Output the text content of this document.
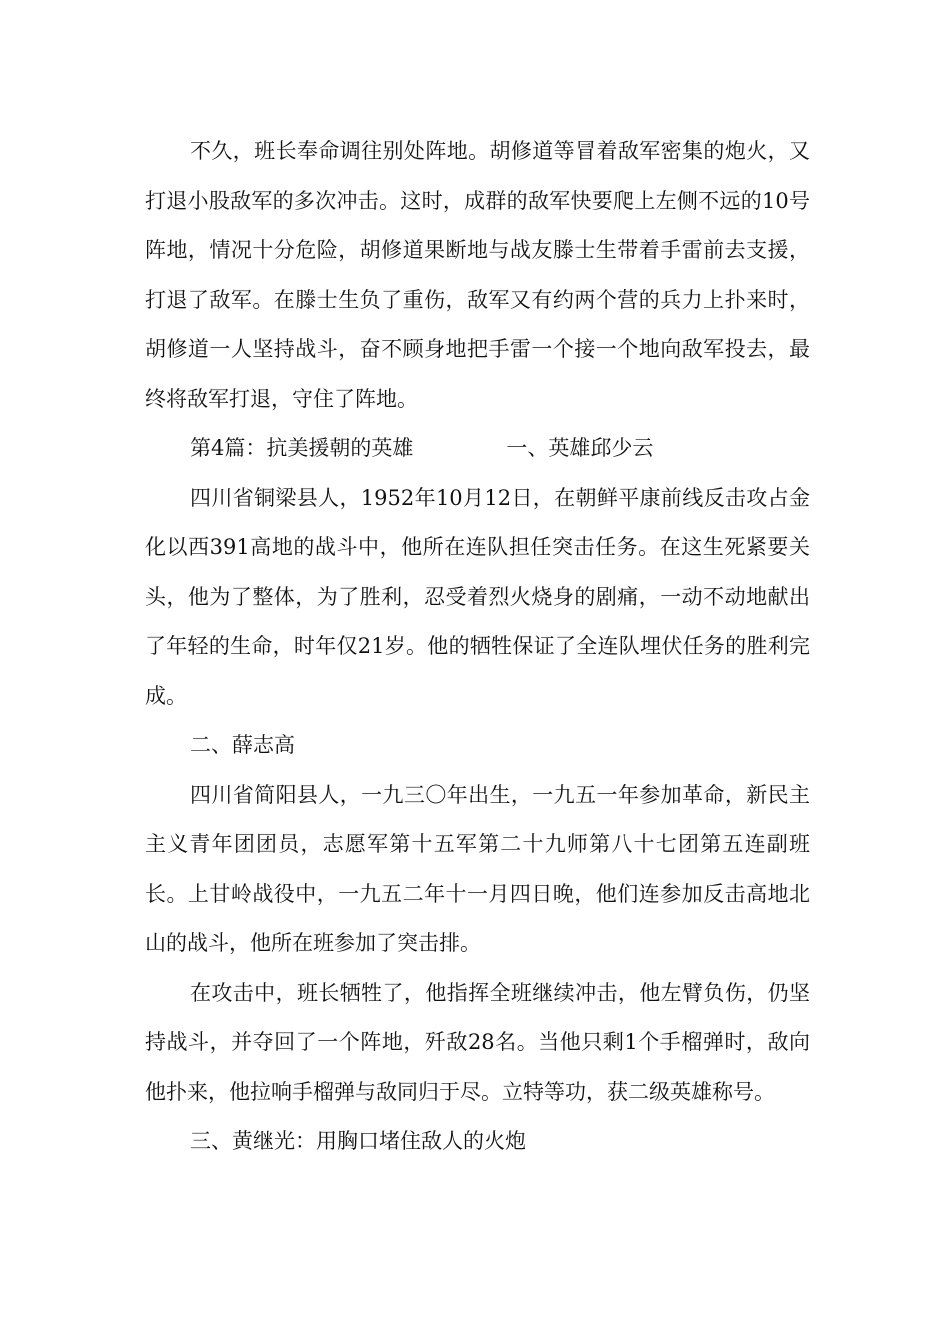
不久，班长奉命调往别处阵地。胡修道等冒着敌军密集的炮火，又打退小股敌军的多次冲击。这时，成群的敌军快要爬上左侧不远的10号阵地，情况十分危险，胡修道果断地与战友滕士生带着手雷前去支援，打退了敌军。在滕士生负了重伤，敌军又有约两个营的兵力上扑来时，胡修道一人坚持战斗，奋不顾身地把手雷一个接一个地向敌军投去，最终将敌军打退，守住了阵地。

第4篇：抗美援朝的英雄	一、英雄邱少云

四川省铜梁县人，1952年10月12日，在朝鲜平康前线反击攻占金化以西391高地的战斗中，他所在连队担任突击任务。在这生死紧要关头，他为了整体，为了胜利，忍受着烈火烧身的剧痛，一动不动地献出了年轻的生命，时年仅21岁。他的牺牲保证了全连队埋伏任务的胜利完成。

二、薛志高

四川省简阳县人，一九三〇年出生，一九五一年参加革命，新民主主义青年团团员，志愿军第十五军第二十九师第八十七团第五连副班长。上甘岭战役中，一九五二年十一月四日晚，他们连参加反击高地北山的战斗，他所在班参加了突击排。

在攻击中，班长牺牲了，他指挥全班继续冲击，他左臂负伤，仍坚持战斗，并夺回了一个阵地，歼敌28名。当他只剩1个手榴弹时，敌向他扑来，他拉响手榴弹与敌同归于尽。立特等功，获二级英雄称号。

三、黄继光：用胸口堵住敌人的火炮
